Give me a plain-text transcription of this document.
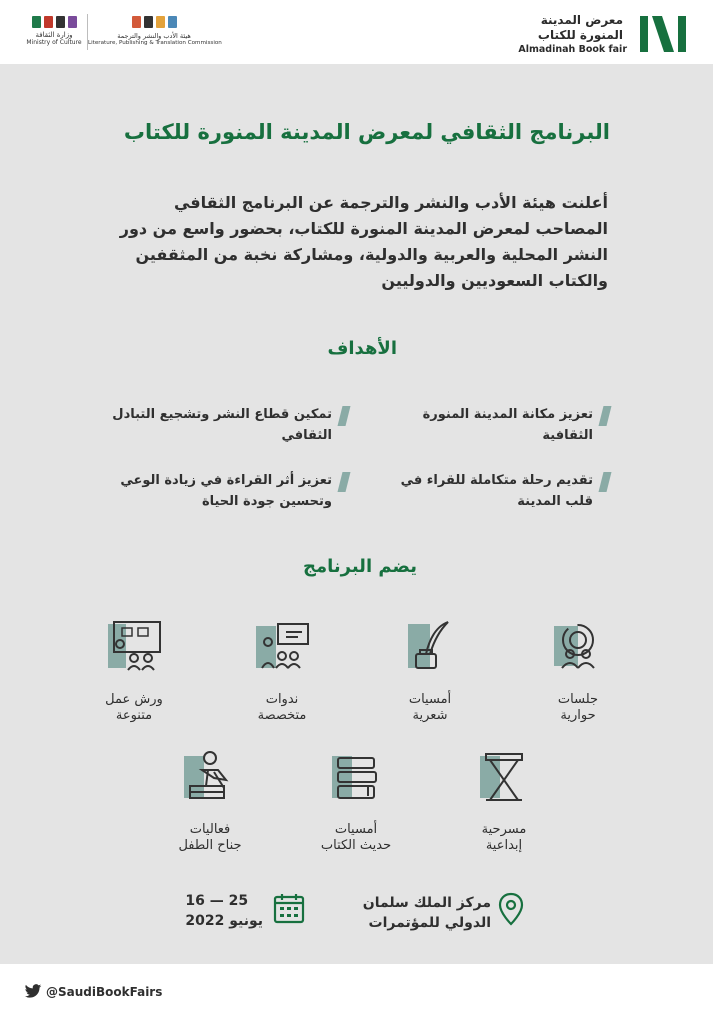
وزارة الثقافة
Ministry of Culture
هيئة الأدب والنشر والترجمة
Literature, Publishing & Translation Commission
معرض المدينة
المنورة للكتاب
Almadinah Book fair
البرنامج الثقافي لمعرض المدينة المنورة للكتاب
أعلنت هيئة الأدب والنشر والترجمة عن البرنامج الثقافي المصاحب لمعرض المدينة المنورة للكتاب، بحضور واسع من دور النشر المحلية والعربية والدولية، ومشاركة نخبة من المثقفين والكتاب السعوديين والدوليين
الأهداف
تعزيز مكانة المدينة المنورة الثقافية
تمكين قطاع النشر وتشجيع التبادل الثقافي
تقديم رحلة متكاملة للقراء في قلب المدينة
تعزيز أثر القراءة في زيادة الوعي وتحسين جودة الحياة
يضم البرنامج
جلسات
حوارية
أمسيات
شعرية
ندوات
متخصصة
ورش عمل
متنوعة
مسرحية
إبداعية
أمسيات
حديث الكتاب
فعاليات
جناح الطفل
مركز الملك سلمان
الدولي للمؤتمرات
16 — 25
يونيو 2022
@SaudiBookFairs
